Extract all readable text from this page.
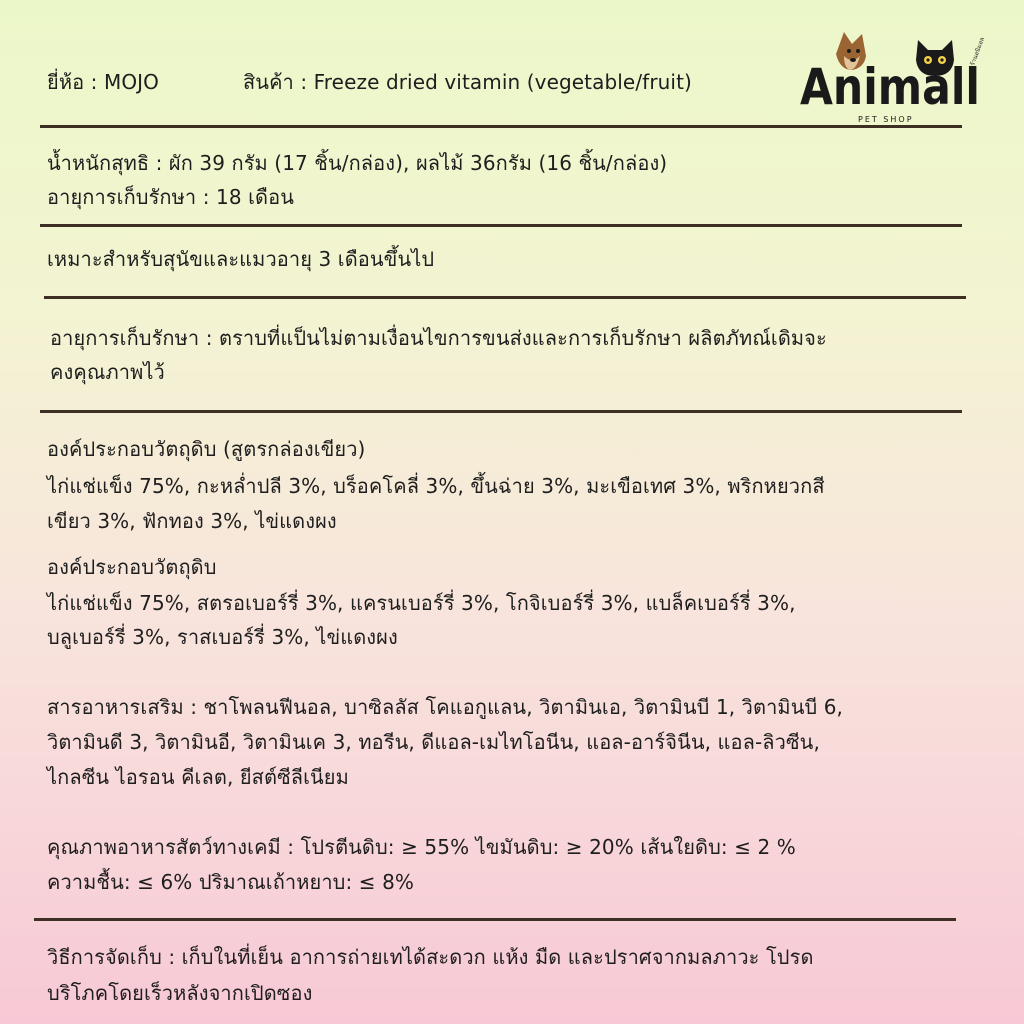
ยี่ห้อ : MOJO	สินค้า : Freeze dried vitamin (vegetable/fruit) Animall
PET SHOP
ร้านอนิมอล
น้ำหนักสุทธิ : ผัก 39 กรัม (17 ชิ้น/กล่อง), ผลไม้ 36กรัม (16 ชิ้น/กล่อง)
อายุการเก็บรักษา : 18 เดือน
เหมาะสำหรับสุนัขและแมวอายุ 3 เดือนขึ้นไป
อายุการเก็บรักษา : ตราบที่แป็นไม่ตามเงื่อนไขการขนส่งและการเก็บรักษา ผลิตภัทณ์เดิมจะ
คงคุณภาพไว้
องค์ประกอบวัตถุดิบ (สูตรกล่องเขียว)
ไก่แช่แข็ง 75%, กะหล่ำปลี 3%, บร็อคโคลี่ 3%, ขึ้นฉ่าย 3%, มะเขือเทศ 3%, พริกหยวกสี
เขียว 3%, ฟักทอง 3%, ไข่แดงผง
องค์ประกอบวัตถุดิบ
ไก่แช่แข็ง 75%, สตรอเบอร์รี่ 3%, แครนเบอร์รี่ 3%, โกจิเบอร์รี่ 3%, แบล็คเบอร์รี่ 3%,
บลูเบอร์รี่ 3%, ราสเบอร์รี่ 3%, ไข่แดงผง
สารอาหารเสริม : ชาโพลนฟีนอล, บาซิลลัส โคแอกูแลน, วิตามินเอ, วิตามินบี 1, วิตามินบี 6,
วิตามินดี 3, วิตามินอี, วิตามินเค 3, ทอรีน, ดีแอล-เมไทโอนีน, แอล-อาร์จินีน, แอล-ลิวซีน,
ไกลซีน ไอรอน คีเลต, ยีสต์ซีลีเนียม
คุณภาพอาหารสัตว์ทางเคมี : โปรตีนดิบ: ≥ 55% ไขมันดิบ: ≥ 20% เส้นใยดิบ: ≤ 2 %
ความชื้น: ≤ 6% ปริมาณเถ้าหยาบ: ≤ 8%
วิธีการจัดเก็บ : เก็บในที่เย็น อาการถ่ายเทได้สะดวก แห้ง มืด และปราศจากมลภาวะ โปรด
บริโภคโดยเร็วหลังจากเปิดซอง
